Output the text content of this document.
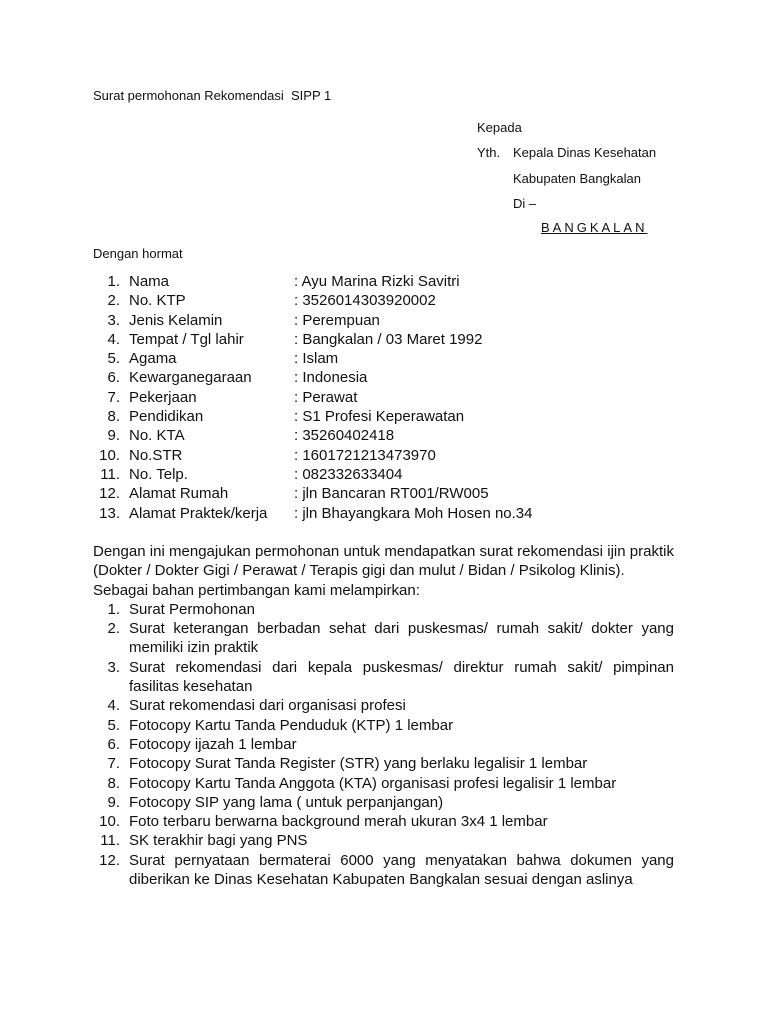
Surat permohonan Rekomendasi  SIPP 1
Kepada
Yth. Kepala Dinas Kesehatan
Kabupaten Bangkalan
Di –
BANGKALAN
Dengan hormat
1. Nama	: Ayu Marina Rizki Savitri
2. No. KTP	: 3526014303920002
3. Jenis Kelamin	: Perempuan
4. Tempat / Tgl lahir	: Bangkalan / 03 Maret 1992
5. Agama	: Islam
6. Kewarganegaraan	: Indonesia
7. Pekerjaan	: Perawat
8. Pendidikan	: S1 Profesi Keperawatan
9. No. KTA	: 35260402418
10. No.STR	: 1601721213473970
11. No. Telp.	: 082332633404
12. Alamat Rumah	: jln Bancaran RT001/RW005
13. Alamat Praktek/kerja	: jln Bhayangkara Moh Hosen no.34
Dengan ini mengajukan permohonan untuk mendapatkan surat rekomendasi ijin praktik (Dokter / Dokter Gigi / Perawat / Terapis gigi dan mulut / Bidan / Psikolog Klinis).
Sebagai bahan pertimbangan kami melampirkan:
1. Surat Permohonan
2. Surat keterangan berbadan sehat dari puskesmas/ rumah sakit/ dokter yang memiliki izin praktik
3. Surat rekomendasi dari kepala puskesmas/ direktur rumah sakit/ pimpinan fasilitas kesehatan
4. Surat rekomendasi dari organisasi profesi
5. Fotocopy Kartu Tanda Penduduk (KTP) 1 lembar
6. Fotocopy ijazah 1 lembar
7. Fotocopy Surat Tanda Register (STR) yang berlaku legalisir 1 lembar
8. Fotocopy Kartu Tanda Anggota (KTA) organisasi profesi legalisir 1 lembar
9. Fotocopy SIP yang lama ( untuk perpanjangan)
10. Foto terbaru berwarna background merah ukuran 3x4 1 lembar
11. SK terakhir bagi yang PNS
12. Surat pernyataan bermaterai 6000 yang menyatakan bahwa dokumen yang diberikan ke Dinas Kesehatan Kabupaten Bangkalan sesuai dengan aslinya
